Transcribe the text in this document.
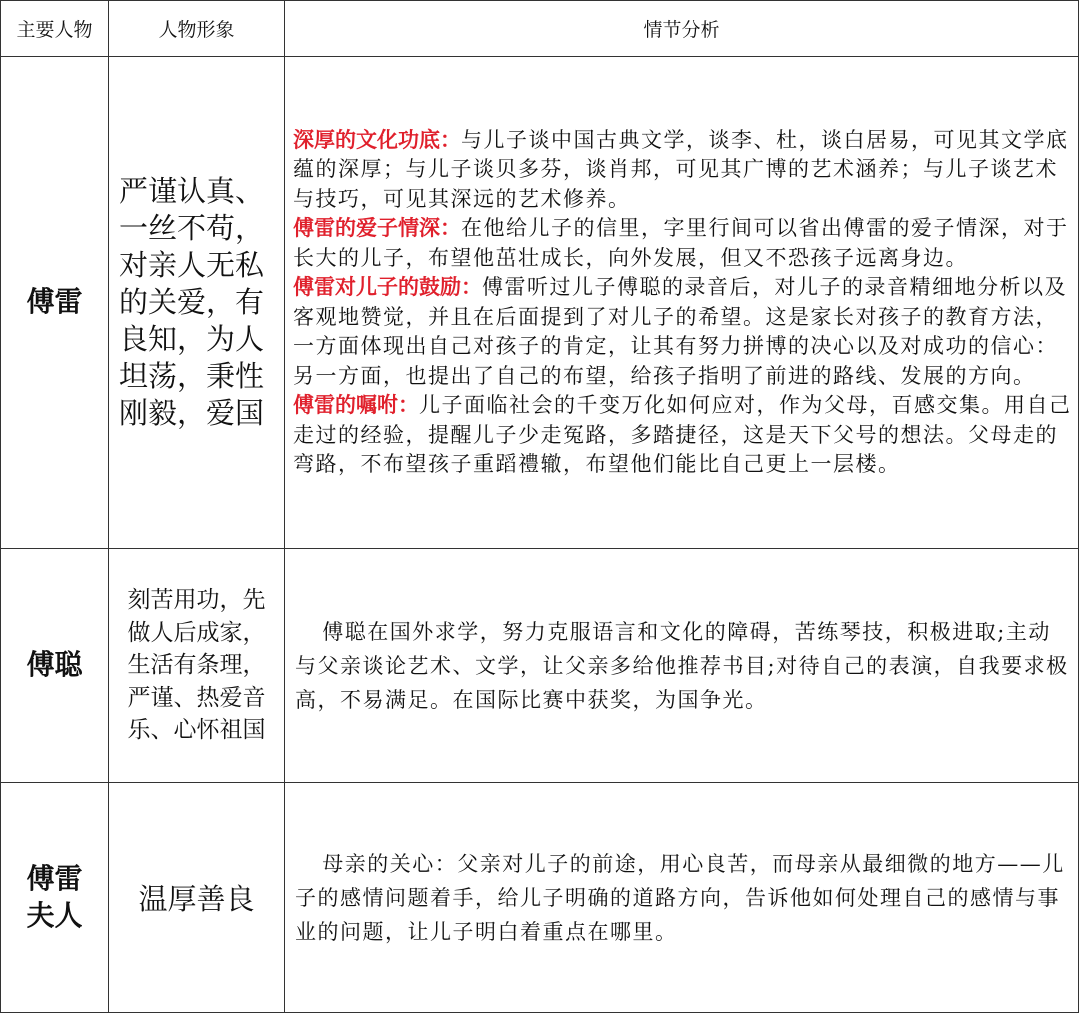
主要人物	人物形象	情节分析
傅雷	严谨认真、一丝不苟，对亲人无私的关爱，有良知，为人坦荡，秉性刚毅，爱国	深厚的文化功底：与儿子谈中国古典文学，谈李、杜，谈白居易，可见其文学底蕴的深厚；与儿子谈贝多芬，谈肖邦，可见其广博的艺术涵养；与儿子谈艺术与技巧，可见其深远的艺术修养。
傅雷的爱子情深：在他给儿子的信里，字里行间可以省出傅雷的爱子情深，对于长大的儿子，布望他茁壮成长，向外发展，但又不恐孩子远离身边。
傅雷对儿子的鼓励：傅雷听过儿子傅聪的录音后，对儿子的录音精细地分析以及客观地赞觉，并且在后面提到了对儿子的希望。这是家长对孩子的教育方法，一方面体现出自己对孩子的肯定，让其有努力拼博的决心以及对成功的信心：另一方面，也提出了自己的布望，给孩子指明了前进的路线、发展的方向。
傅雷的嘱咐：儿子面临社会的千变万化如何应对，作为父母，百感交集。用自己走过的经验，提醒儿子少走冤路，多踏捷径，这是天下父号的想法。父母走的弯路，不布望孩子重蹈禮辙，布望他们能比自己更上一层楼。

傅聪	刻苦用功，先做人后成家，生活有条理，严谨、热爱音乐、心怀祖国	傅聪在国外求学，努力克服语言和文化的障碍，苦练琴技，积极进取;主动与父亲谈论艺术、文学，让父亲多给他推荐书目;对待自己的表演，自我要求极高，不易满足。在国际比赛中获奖，为国争光。

傅雷夫人	温厚善良	母亲的关心：父亲对儿子的前途，用心良苦，而母亲从最细微的地方——儿子的感情问题着手，给儿子明确的道路方向，告诉他如何处理自己的感情与事业的问题，让儿子明白着重点在哪里。
